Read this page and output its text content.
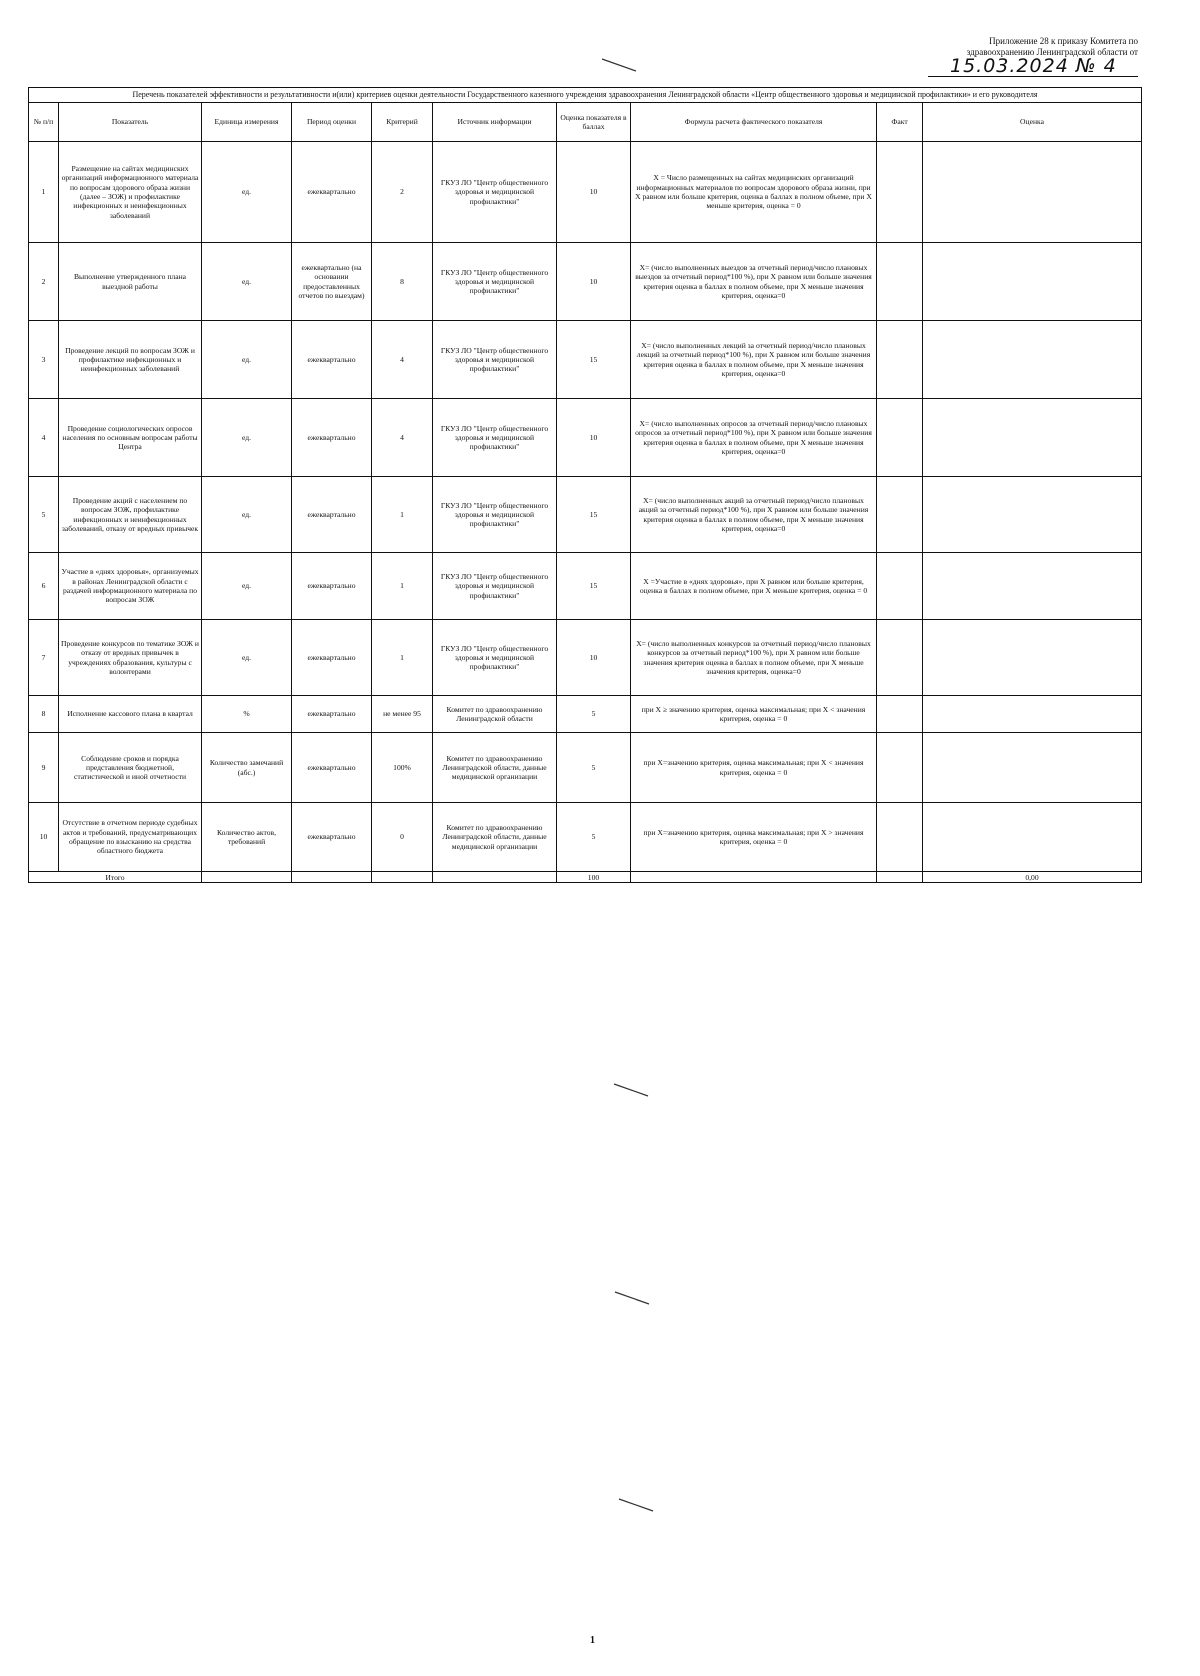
Приложение 28 к приказу Комитета по
здравоохранению Ленинградской области от
15.03.2024 № 4
Перечень показателей эффективности и результативности и(или) критериев оценки деятельности Государственного казенного учреждения здравоохранения Ленинградской области «Центр общественного здоровья и медицинской профилактики» и его руководителя									
№ п/п	Показатель	Единица измерения	Период оценки	Критерий	Источник информации	Оценка показателя в баллах	Формула расчета фактического показателя	Факт	Оценка
1	Размещение на сайтах медицинских организаций информационного материала по вопросам здорового образа жизни (далее – ЗОЖ) и профилактике инфекционных и неинфекционных заболеваний	ед.	ежеквартально	2	ГКУЗ ЛО "Центр общественного здоровья и медицинской профилактики"	10	X = Число размещенных на сайтах медицинских организаций информационных материалов по вопросам здорового образа жизни, при X равном или больше критерия, оценка в баллах в полном объеме, при X меньше критерия, оценка = 0		
2	Выполнение утвержденного плана выездной работы	ед.	ежеквартально (на основании предоставленных отчетов по выездам)	8	ГКУЗ ЛО "Центр общественного здоровья и медицинской профилактики"	10	X= (число выполненных выездов за отчетный период/число плановых выездов за отчетный период*100 %), при X равном или больше значения критерия оценка в баллах в полном объеме, при X меньше значения критерия, оценка=0		
3	Проведение лекций по вопросам ЗОЖ и профилактике инфекционных и неинфекционных заболеваний	ед.	ежеквартально	4	ГКУЗ ЛО "Центр общественного здоровья и медицинской профилактики"	15	X= (число выполненных лекций за отчетный период/число плановых лекций за отчетный период*100 %), при X равном или больше значения критерия оценка в баллах в полном объеме, при X меньше значения критерия, оценка=0		
4	Проведение социологических опросов населения по основным вопросам работы Центра	ед.	ежеквартально	4	ГКУЗ ЛО "Центр общественного здоровья и медицинской профилактики"	10	X= (число выполненных опросов за отчетный период/число плановых опросов за отчетный период*100 %), при X равном или больше значения критерия оценка в баллах в полном объеме, при X меньше значения критерия, оценка=0		
5	Проведение акций с населением по вопросам ЗОЖ, профилактике инфекционных и неинфекционных заболеваний, отказу от вредных привычек	ед.	ежеквартально	1	ГКУЗ ЛО "Центр общественного здоровья и медицинской профилактики"	15	X= (число выполненных акций за отчетный период/число плановых акций за отчетный период*100 %), при X равном или больше значения критерия оценка в баллах в полном объеме, при X меньше значения критерия, оценка=0		
6	Участие в «днях здоровья», организуемых в районах Ленинградской области с раздачей информационного материала по вопросам ЗОЖ	ед.	ежеквартально	1	ГКУЗ ЛО "Центр общественного здоровья и медицинской профилактики"	15	X =Участие в «днях здоровья», при X равном или больше критерия, оценка в баллах в полном объеме, при X меньше критерия, оценка = 0		
7	Проведение конкурсов по тематике ЗОЖ и отказу от вредных привычек в учреждениях образования, культуры с волонтерами	ед.	ежеквартально	1	ГКУЗ ЛО "Центр общественного здоровья и медицинской профилактики"	10	X= (число выполненных конкурсов за отчетный период/число плановых конкурсов за отчетный период*100 %), при X равном или больше значения критерия оценка в баллах в полном объеме, при X меньше значения критерия, оценка=0		
8	Исполнение кассового плана в квартал	%	ежеквартально	не менее 95	Комитет по здравоохранению Ленинградской области	5	при X ≥ значению критерия, оценка максимальная; при X < значения критерия, оценка = 0		
9	Соблюдение сроков и порядка представления бюджетной, статистической и иной отчетности	Количество замечаний (абс.)	ежеквартально	100%	Комитет по здравоохранению Ленинградской области, данные медицинской организации	5	при X=значению критерия, оценка максимальная; при X < значения критерия, оценка = 0		
10	Отсутствие в отчетном периоде судебных актов и требований, предусматривающих обращение по взысканию на средства областного бюджета	Количество актов, требований	ежеквартально	0	Комитет по здравоохранению Ленинградской области, данные медицинской организации	5	при X=значению критерия, оценка максимальная; при X > значения критерия, оценка = 0		
Итого						100			0,00
1
